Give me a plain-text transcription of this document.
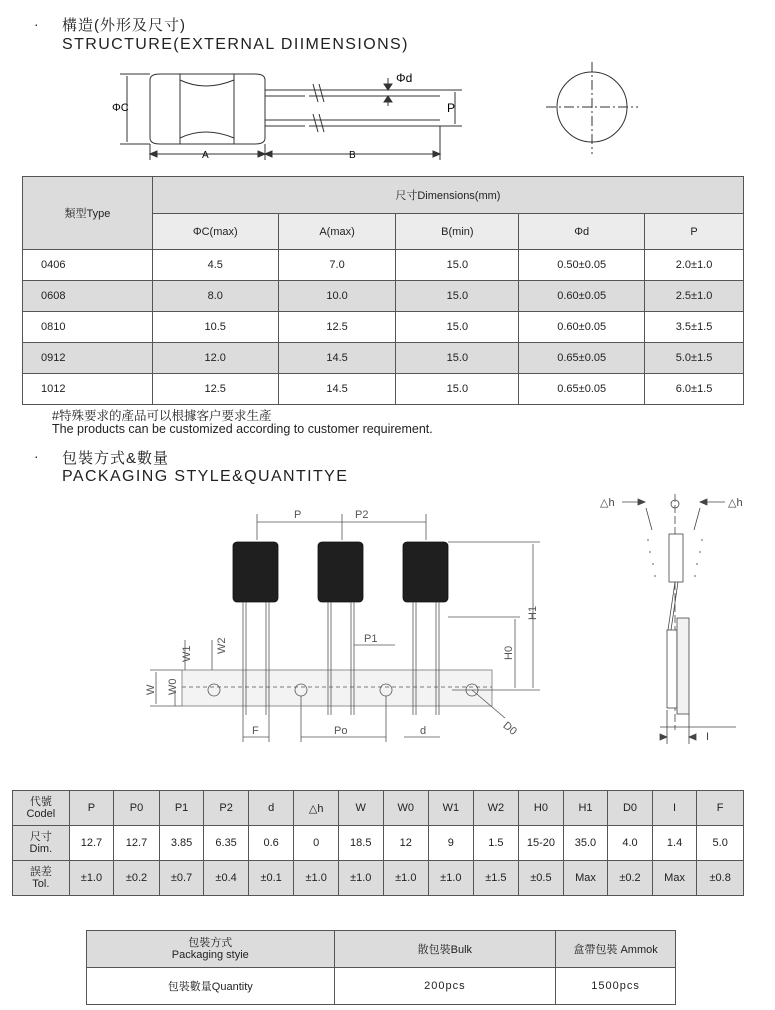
· 構造(外形及尺寸)
STRUCTURE(EXTERNAL DIIMENSIONS)
ΦC
Φd
P
A	B
類型Type	尺寸Dimensions(mm)				
	ΦC(max)	A(max)	B(min)	Φd	P
0406	4.5	7.0	15.0	0.50±0.05	2.0±1.0
0608	8.0	10.0	15.0	0.60±0.05	2.5±1.0
0810	10.5	12.5	15.0	0.60±0.05	3.5±1.5
0912	12.0	14.5	15.0	0.65±0.05	5.0±1.5
1012	12.5	14.5	15.0	0.65±0.05	6.0±1.5
#特殊要求的產品可以根據客户要求生產
The products can be customized according to customer requirement.
· 包裝方式&數量
PACKAGING STYLE&QUANTITYE
P	P2
H1
H0
P1
W W0
W1 W2
F	Po	d	D0
△h	△h
I
代號
Codel	P	P0	P1	P2	d	△h	W	W0	W1	W2	H0	H1	D0	I	F
尺寸
Dim.	12.7	12.7	3.85	6.35	0.6	0	18.5	12	9	1.5	15-20	35.0	4.0	1.4	5.0
誤差
Tol.	±1.0	±0.2	±0.7	±0.4	±0.1	±1.0	±1.0	±1.0	±1.0	±1.5	±0.5	Max	±0.2	Max	±0.8
包裝方式
Packaging styie	散包裝Bulk	盒帶包裝 Ammok
包裝數量Quantity	200pcs	1500pcs
